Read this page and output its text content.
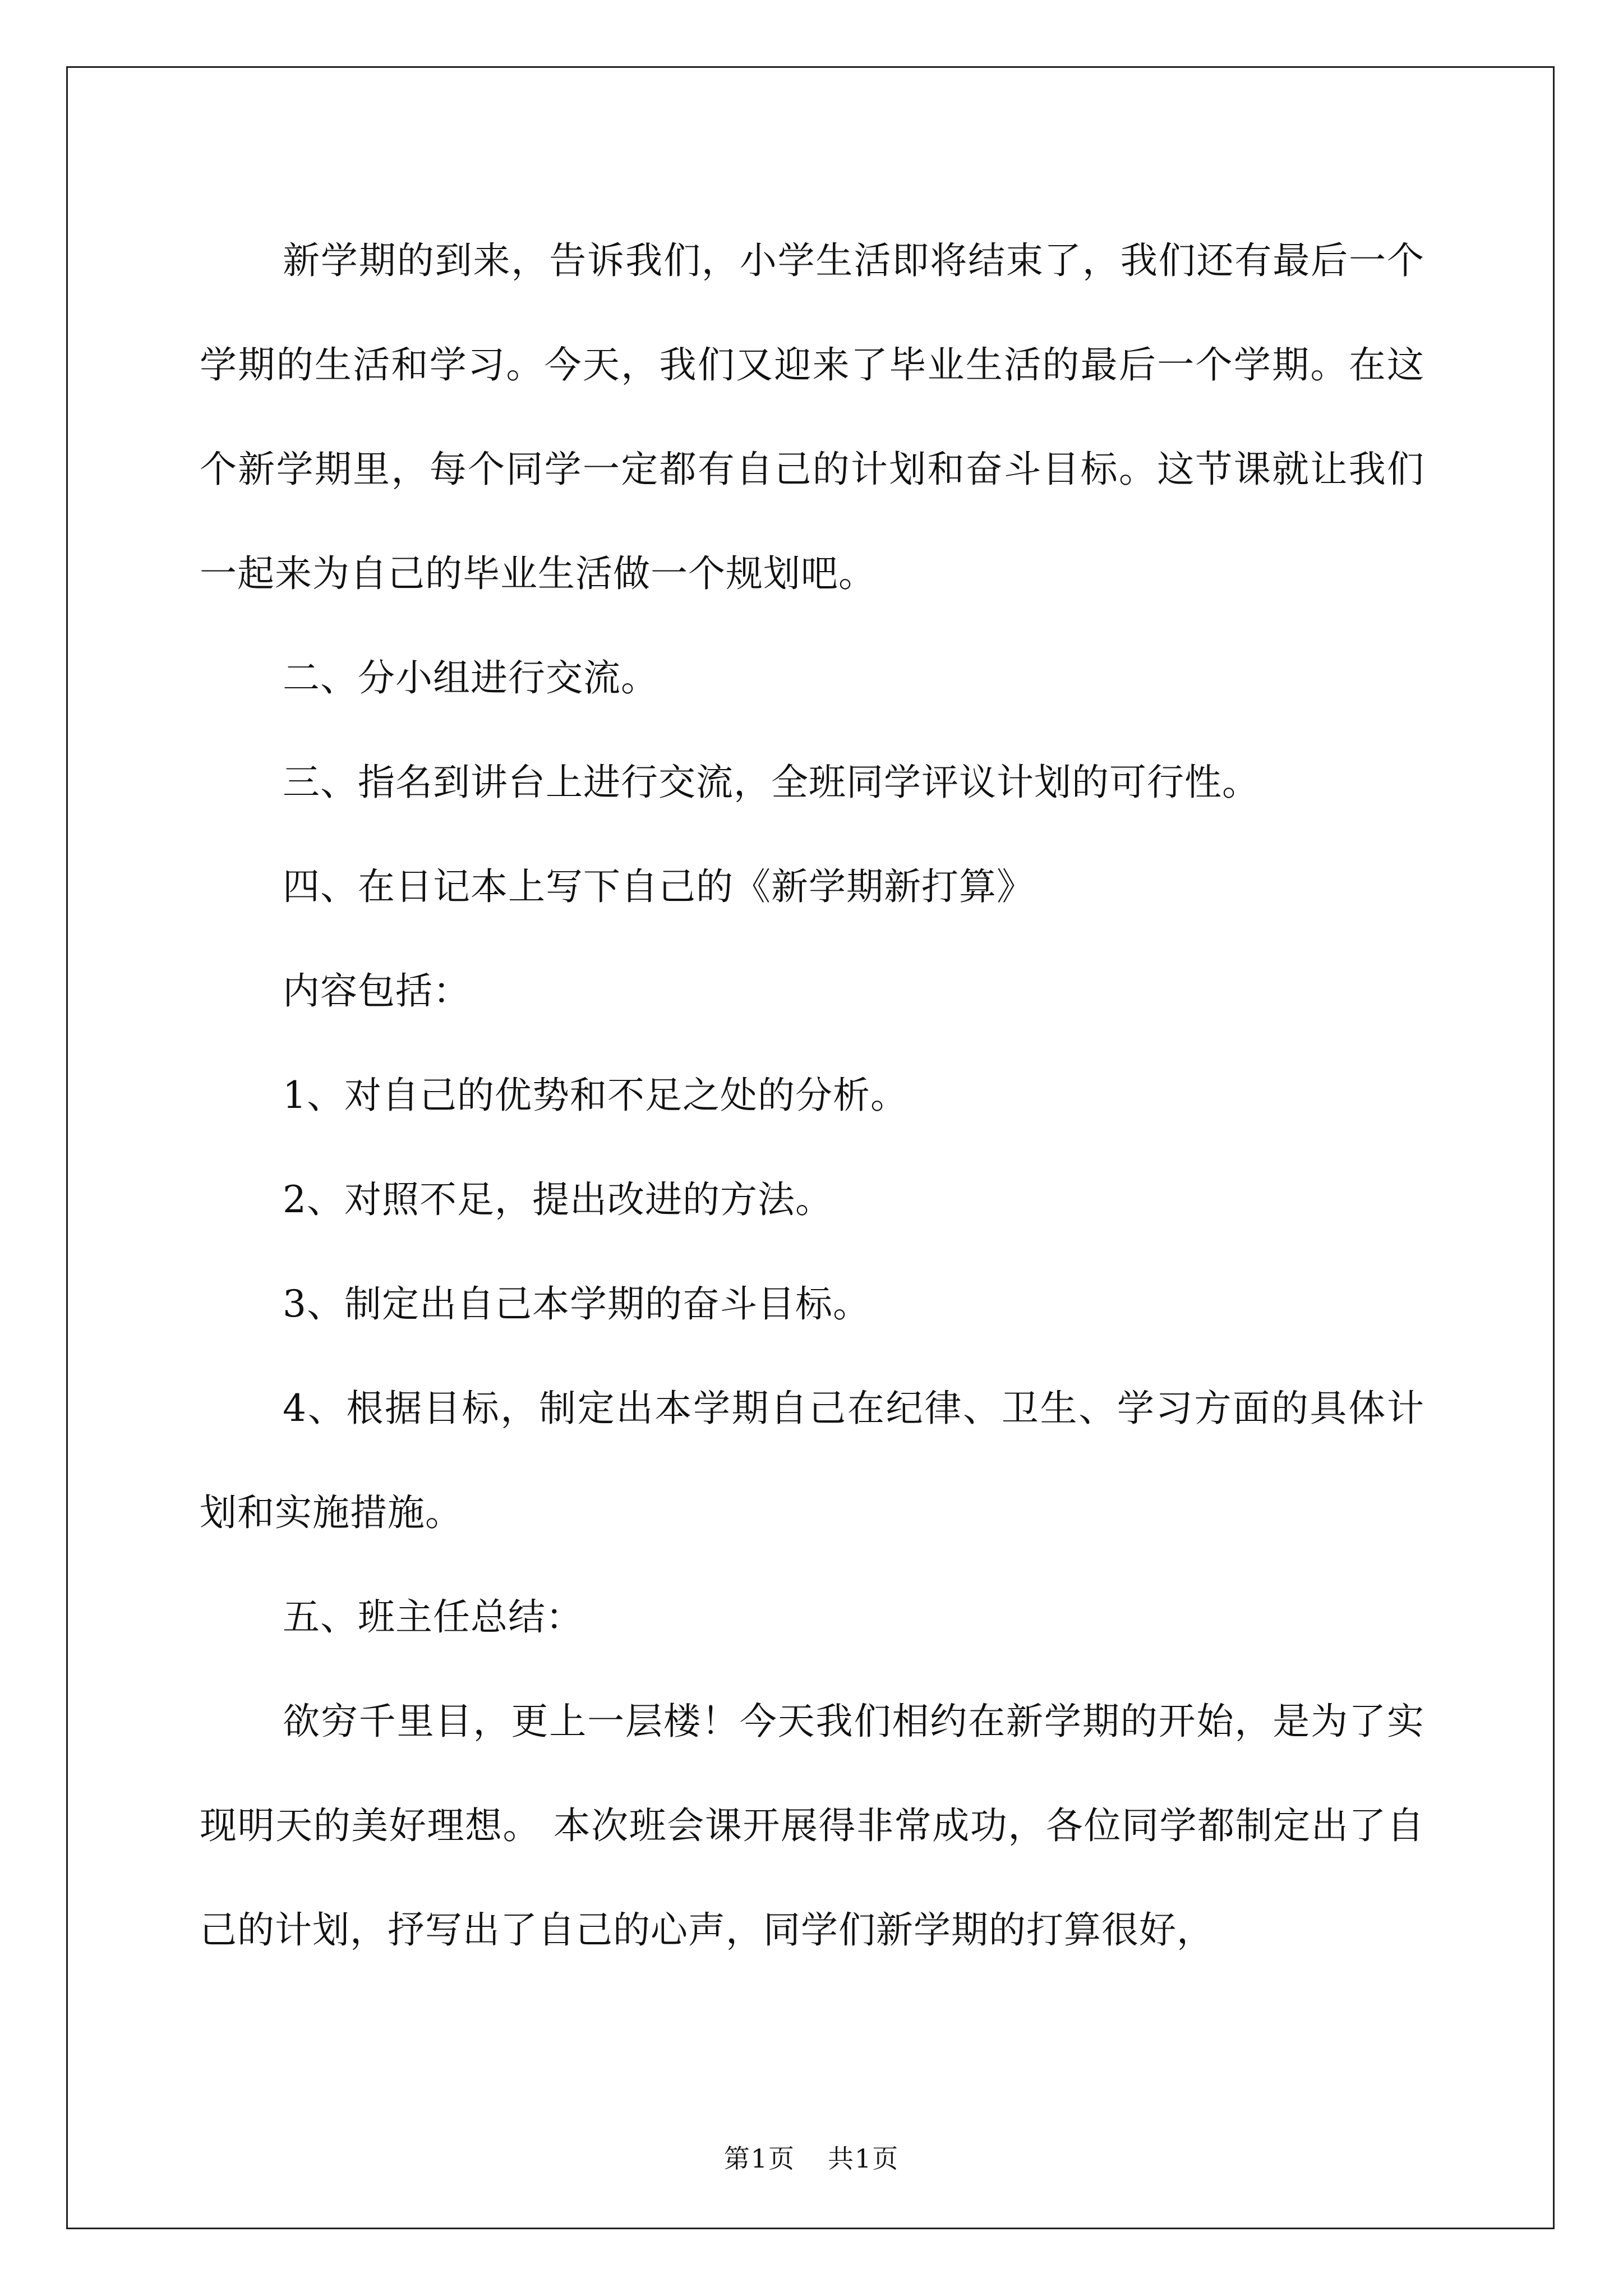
新学期的到来，告诉我们，小学生活即将结束了，我们还有最后一个学期的生活和学习。今天，我们又迎来了毕业生活的最后一个学期。在这个新学期里，每个同学一定都有自己的计划和奋斗目标。这节课就让我们一起来为自己的毕业生活做一个规划吧。

二、分小组进行交流。

三、指名到讲台上进行交流，全班同学评议计划的可行性。

四、在日记本上写下自己的《新学期新打算》

内容包括：

1、对自己的优势和不足之处的分析。

2、对照不足，提出改进的方法。

3、制定出自己本学期的奋斗目标。

4、根据目标，制定出本学期自己在纪律、卫生、学习方面的具体计划和实施措施。

五、班主任总结：

欲穷千里目，更上一层楼！今天我们相约在新学期的开始，是为了实现明天的美好理想。 本次班会课开展得非常成功，各位同学都制定出了自己的计划，抒写出了自己的心声，同学们新学期的打算很好，

第1页 共1页
